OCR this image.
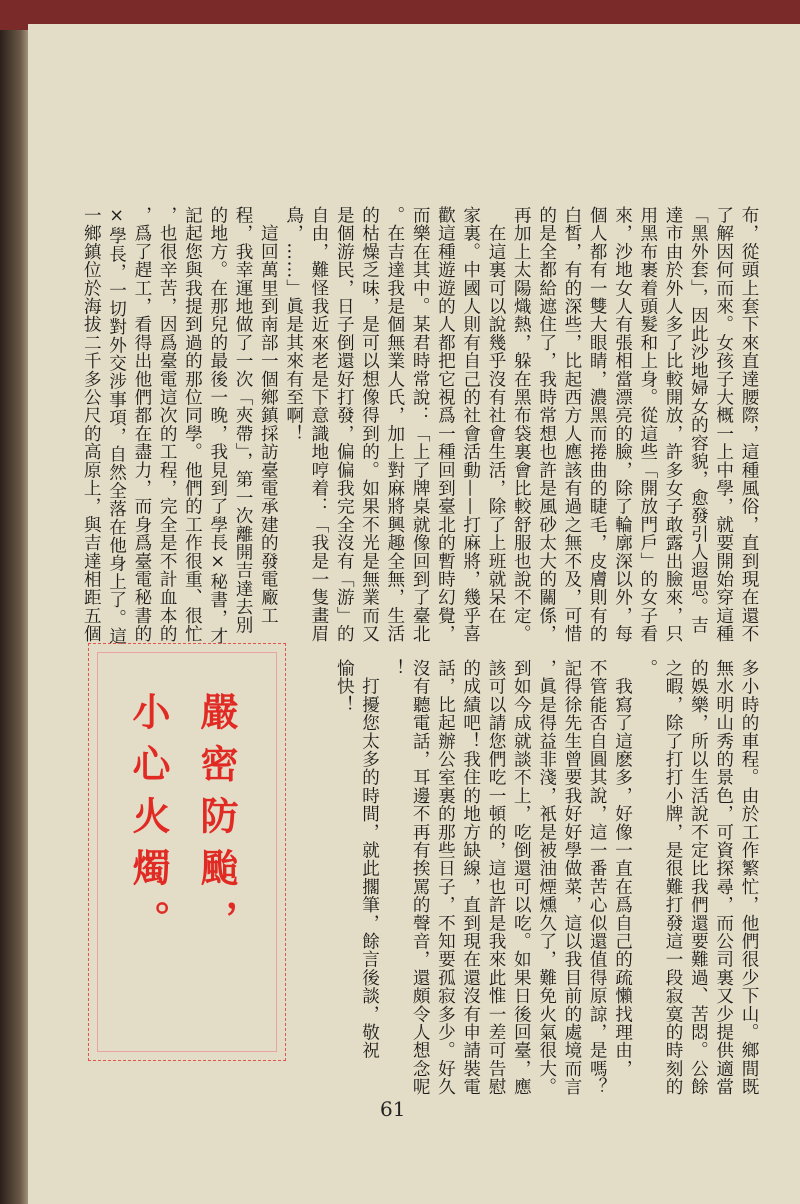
布，從頭上套下來直達腰際，這種風俗，直到現在還不
了解因何而來。女孩子大概一上中學，就要開始穿這種
「黑外套」，因此沙地婦女的容貌，愈發引人遐思。吉
達市由於外人多了比較開放，許多女子敢露出臉來，只
用黑布裹着頭髮和上身。從這些「開放門戶」的女子看
來，沙地女人有張相當漂亮的臉，除了輪廓深以外，每
個人都有一雙大眼睛，濃黑而捲曲的睫毛，皮膚則有的
白皙，有的深些，比起西方人應該有過之無不及，可惜
的是全都給遮住了，我時常想也許是風砂太大的關係，
再加上太陽熾熱，躲在黑布袋裏會比較舒服也說不定。
　在這裏可以說幾乎沒有社會生活，除了上班就呆在
家裏。中國人則有自己的社會活動——打麻將，幾乎喜
歡這種遊遊的人都把它視爲一種回到臺北的暫時幻覺，
而樂在其中。某君時常說：「上了牌桌就像回到了臺北
。在吉達我是個無業人氏，加上對麻將興趣全無，生活
的枯燥乏味，是可以想像得到的。如果不光是無業而又
是個游民，日子倒還好打發，偏偏我完全沒有「游」的
自由，難怪我近來老是下意識地哼着：「我是一隻畫眉
鳥，……」眞是其來有至啊！
　這回萬里到南部一個鄉鎮採訪臺電承建的發電廠工
程，我幸運地做了一次「夾帶」，第一次離開吉達去別
的地方。在那兒的最後一晚，我見到了學長×秘書，才
記起您與我提到過的那位同學。他們的工作很重、很忙
，也很辛苦，因爲臺電這次的工程，完全是不計血本的
，爲了趕工，看得出他們都在盡力，而身爲臺電秘書的
×學長，一切對外交涉事項，自然全落在他身上了。這
一鄉鎮位於海拔二千多公尺的高原上，與吉達相距五個
多小時的車程。由於工作繁忙，他們很少下山。鄉間既
無水明山秀的景色，可資探尋，而公司裏又少提供適當
的娛樂，所以生活說不定比我們還要難過、苦悶。公餘
之暇，除了打打小牌，是很難打發這一段寂寞的時刻的
。
　我寫了這麽多，好像一直在爲自己的疏懶找理由，
不管能否自圓其說，這一番苦心似還值得原諒，是嗎？
記得徐先生曾要我好好學做菜，這以我目前的處境而言
，眞是得益非淺，衹是被油煙燻久了，難免火氣很大。
到如今成就談不上，吃倒還可以吃。如果日後回臺，應
該可以請您們吃一頓的，這也許是我來此惟一差可告慰
的成績吧！我住的地方缺線，直到現在還沒有申請裝電
話，比起辦公室裏的那些日子，不知要孤寂多少。好久
沒有聽電話，耳邊不再有挨罵的聲音，還頗令人想念呢
！
　打擾您太多的時間，就此擱筆，餘言後談，敬祝
愉快！
嚴密防颱，
小心火燭。
61
